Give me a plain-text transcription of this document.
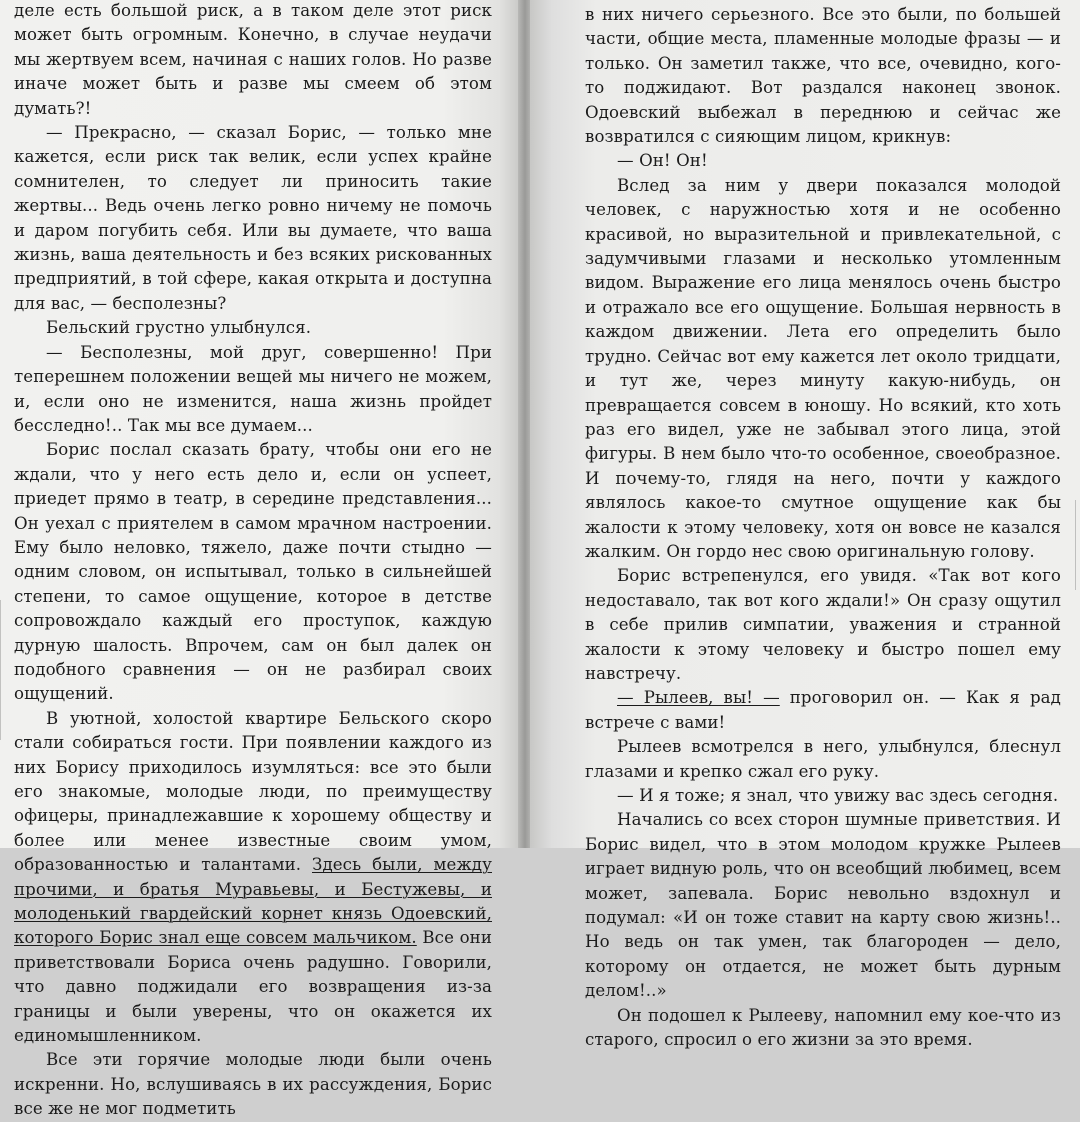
деле есть большой риск, а в таком деле этот риск может быть огромным. Конечно, в случае неудачи мы жертвуем всем, начиная с наших голов. Но разве иначе может быть и разве мы смеем об этом думать?!

— Прекрасно, — сказал Борис, — только мне кажется, если риск так велик, если успех крайне сомнителен, то следует ли приносить такие жертвы... Ведь очень легко ровно ничему не помочь и даром погубить себя. Или вы думаете, что ваша жизнь, ваша деятельность и без всяких рискованных предприятий, в той сфере, какая открыта и доступна для вас, — бесполезны?

Бельский грустно улыбнулся.

— Бесполезны, мой друг, совершенно! При теперешнем положении вещей мы ничего не можем, и, если оно не изменится, наша жизнь пройдет бесследно!.. Так мы все думаем...

Борис послал сказать брату, чтобы они его не ждали, что у него есть дело и, если он успеет, приедет прямо в театр, в середине представления... Он уехал с приятелем в самом мрачном настроении. Ему было неловко, тяжело, даже почти стыдно — одним словом, он испытывал, только в сильнейшей степени, то самое ощущение, которое в детстве сопровождало каждый его проступок, каждую дурную шалость. Впрочем, сам он был далек он подобного сравнения — он не разбирал своих ощущений.

В уютной, холостой квартире Бельского скоро стали собираться гости. При появлении каждого из них Борису приходилось изумляться: все это были его знакомые, молодые люди, по преимуществу офицеры, принадлежавшие к хорошему обществу и более или менее известные своим умом, образованностью и талантами. Здесь были, между прочими, и братья Муравьевы, и Бестужевы, и молоденький гвардейский корнет князь Одоевский, которого Борис знал еще совсем мальчиком. Все они приветствовали Бориса очень радушно. Говорили, что давно поджидали его возвращения из-за границы и были уверены, что он окажется их единомышленником.

Все эти горячие молодые люди были очень искренни. Но, вслушиваясь в их рассуждения, Борис все же не мог подметить

в них ничего серьезного. Все это были, по большей части, общие места, пламенные молодые фразы — и только. Он заметил также, что все, очевидно, кого-то поджидают. Вот раздался наконец звонок. Одоевский выбежал в переднюю и сейчас же возвратился с сияющим лицом, крикнув:

— Он! Он!

Вслед за ним у двери показался молодой человек, с наружностью хотя и не особенно красивой, но выразительной и привлекательной, с задумчивыми глазами и несколько утомленным видом. Выражение его лица менялось очень быстро и отражало все его ощущение. Большая нервность в каждом движении. Лета его определить было трудно. Сейчас вот ему кажется лет около тридцати, и тут же, через минуту какую-нибудь, он превращается совсем в юношу. Но всякий, кто хоть раз его видел, уже не забывал этого лица, этой фигуры. В нем было что-то особенное, своеобразное. И почему-то, глядя на него, почти у каждого являлось какое-то смутное ощущение как бы жалости к этому человеку, хотя он вовсе не казался жалким. Он гордо нес свою оригинальную голову.

Борис встрепенулся, его увидя. «Так вот кого недоставало, так вот кого ждали!» Он сразу ощутил в себе прилив симпатии, уважения и странной жалости к этому человеку и быстро пошел ему навстречу.

— Рылеев, вы! — проговорил он. — Как я рад встрече с вами!

Рылеев всмотрелся в него, улыбнулся, блеснул глазами и крепко сжал его руку.

— И я тоже; я знал, что увижу вас здесь сегодня.

Начались со всех сторон шумные приветствия. И Борис видел, что в этом молодом кружке Рылеев играет видную роль, что он всеобщий любимец, всем может, запевала. Борис невольно вздохнул и подумал: «И он тоже ставит на карту свою жизнь!.. Но ведь он так умен, так благороден — дело, которому он отдается, не может быть дурным делом!..»

Он подошел к Рылееву, напомнил ему кое-что из старого, спросил о его жизни за это время.
